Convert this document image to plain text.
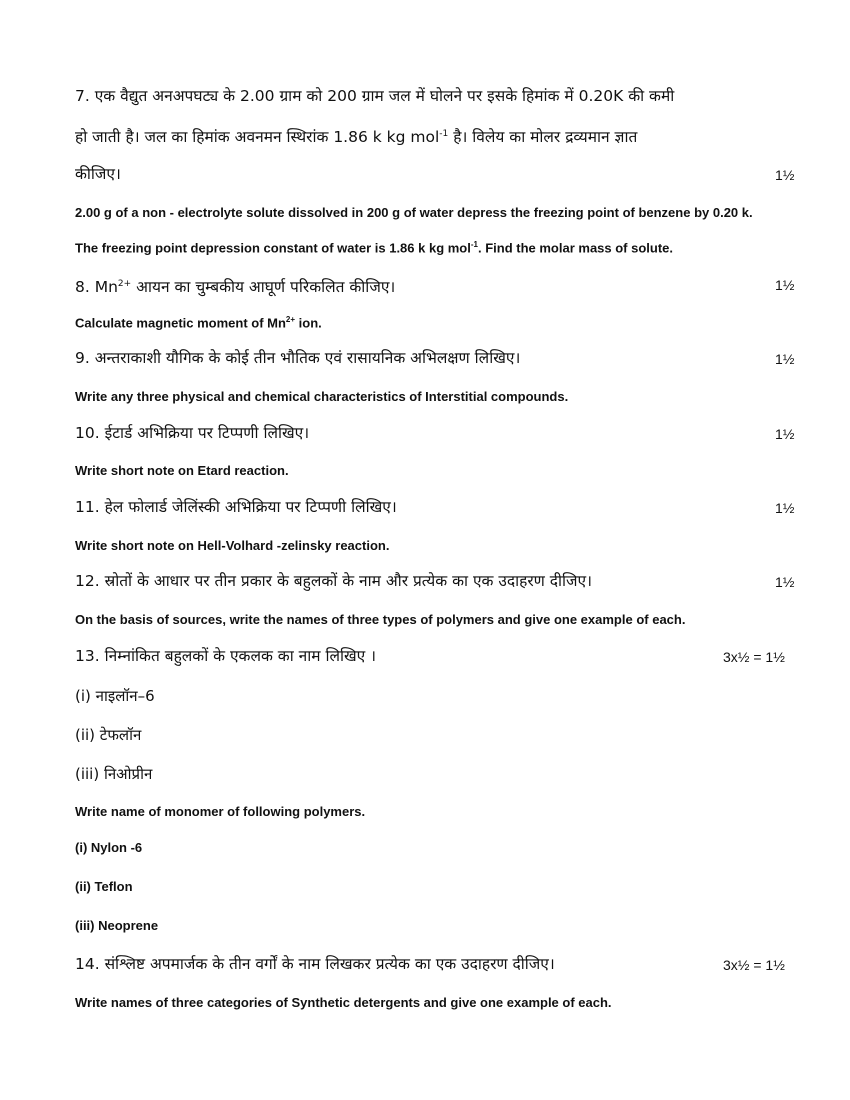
7. एक वैद्युत अनअपघट्य के 2.00 ग्राम को 200 ग्राम जल में घोलने पर इसके हिमांक में 0.20K की कमी
हो जाती है। जल का हिमांक अवनमन स्थिरांक 1.86 k kg mol$^{-1}$ है। विलेय का मोलर द्रव्यमान ज्ञात
कीजिए।	1½
2.00 g of a non - electrolyte solute dissolved in 200 g of water depress the freezing point of benzene by 0.20 k.
The freezing point depression constant of water is 1.86 k kg mol$^{-1}$. Find the molar mass of solute.
8. $Mn^{2+}$ आयन का चुम्बकीय आघूर्ण परिकलित कीजिए।	1½
Calculate magnetic moment of $Mn^{2+}$ ion.
9. अन्तराकाशी यौगिक के कोई तीन भौतिक एवं रासायनिक अभिलक्षण लिखिए।	1½
Write any three physical and chemical characteristics of Interstitial compounds.
10. ईटार्ड अभिक्रिया पर टिप्पणी लिखिए।	1½
Write short note on Etard reaction.
11. हेल फोलार्ड जेलिंस्की अभिक्रिया पर टिप्पणी लिखिए।	1½
Write short note on Hell-Volhard -zelinsky reaction.
12. स्रोतों के आधार पर तीन प्रकार के बहुलकों के नाम और प्रत्येक का एक उदाहरण दीजिए।	1½
On the basis of sources, write the names of three types of polymers and give one example of each.
13. निम्नांकित बहुलकों के एकलक का नाम लिखिए ।	3x½ = 1½
(i) नाइलॉन–6
(ii) टेफलॉन
(iii) निओप्रीन
Write name of monomer of following polymers.
(i) Nylon -6
(ii) Teflon
(iii) Neoprene
14. संश्लिष्ट अपमार्जक के तीन वर्गों के नाम लिखकर प्रत्येक का एक उदाहरण दीजिए।	3x½ = 1½
Write names of three categories of Synthetic detergents and give one example of each.
